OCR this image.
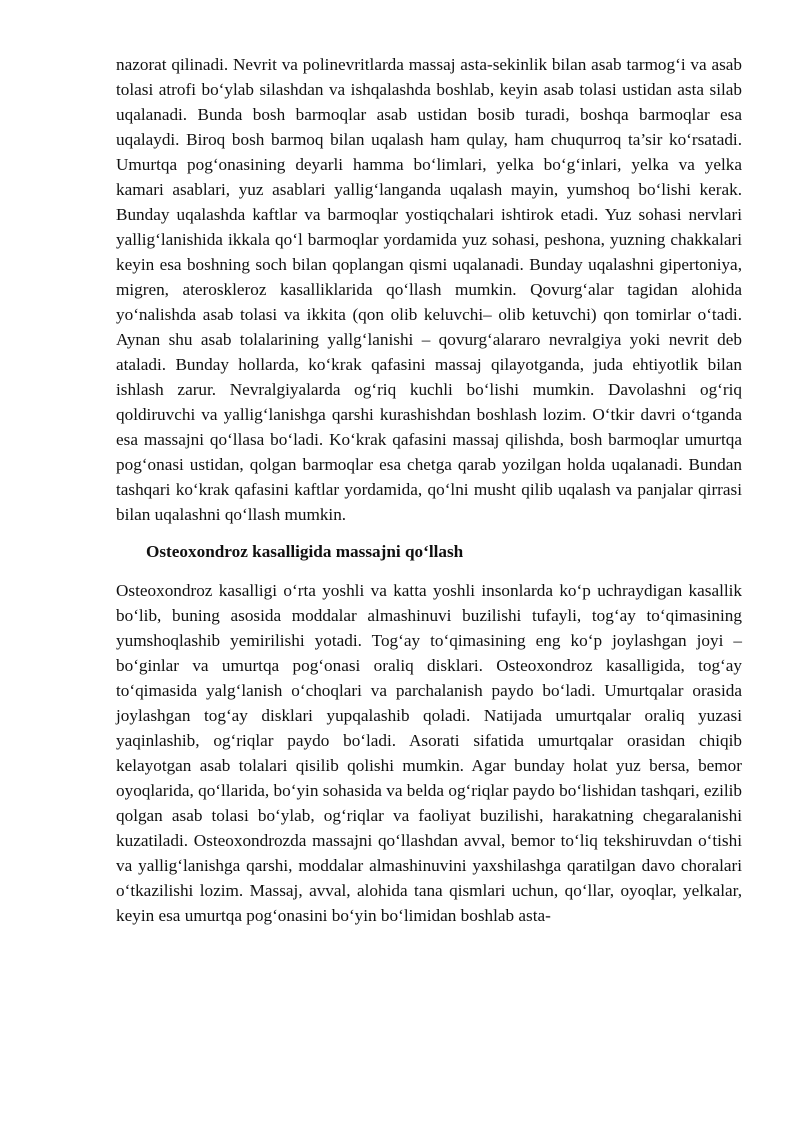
nazorat qilinadi. Nevrit va polinevritlarda massaj asta-sekinlik bilan asab tarmog‘i va asab tolasi atrofi bo‘ylab silashdan va ishqalashda boshlab, keyin asab tolasi ustidan asta silab uqalanadi. Bunda bosh barmoqlar asab ustidan bosib turadi, boshqa barmoqlar esa uqalaydi. Biroq bosh barmoq bilan uqalash ham qulay, ham chuqurroq ta’sir ko‘rsatadi. Umurtqa pog‘onasining deyarli hamma bo‘limlari, yelka bo‘g‘inlari, yelka va yelka kamari asablari, yuz asablari yallig‘langanda uqalash mayin, yumshoq bo‘lishi kerak. Bunday uqalashda kaftlar va barmoqlar yostiqchalari ishtirok etadi. Yuz sohasi nervlari yallig‘lanishida ikkala qo‘l barmoqlar yordamida yuz sohasi, peshona, yuzning chakkalari keyin esa boshning soch bilan qoplangan qismi uqalanadi. Bunday uqalashni gipertoniya, migren, ateroskleroz kasalliklarida qo‘llash mumkin. Qovurg‘alar tagidan alohida yo‘nalishda asab tolasi va ikkita (qon olib keluvchi– olib ketuvchi) qon tomirlar o‘tadi. Aynan shu asab tolalarining yallg‘lanishi – qovurg‘alararo nevralgiya yoki nevrit deb ataladi. Bunday hollarda, ko‘krak qafasini massaj qilayotganda, juda ehtiyotlik bilan ishlash zarur. Nevralgiyalarda og‘riq kuchli bo‘lishi mumkin. Davolashni og‘riq qoldiruvchi va yallig‘lanishga qarshi kurashishdan boshlash lozim. O‘tkir davri o‘tganda esa massajni qo‘llasa bo‘ladi. Ko‘krak qafasini massaj qilishda, bosh barmoqlar umurtqa pog‘onasi ustidan, qolgan barmoqlar esa chetga qarab yozilgan holda uqalanadi. Bundan tashqari ko‘krak qafasini kaftlar yordamida, qo‘lni musht qilib uqalash va panjalar qirrasi bilan uqalashni qo‘llash mumkin.

Osteoxondroz kasalligida massajni qo‘llash

Osteoxondroz kasalligi o‘rta yoshli va katta yoshli insonlarda ko‘p uchraydigan kasallik bo‘lib, buning asosida moddalar almashinuvi buzilishi tufayli, tog‘ay to‘qimasining yumshoqlashib yemirilishi yotadi. Tog‘ay to‘qimasining eng ko‘p joylashgan joyi – bo‘ginlar va umurtqa pog‘onasi oraliq disklari. Osteoxondroz kasalligida, tog‘ay to‘qimasida yalg‘lanish o‘choqlari va parchalanish paydo bo‘ladi. Umurtqalar orasida joylashgan tog‘ay disklari yupqalashib qoladi. Natijada umurtqalar oraliq yuzasi yaqinlashib, og‘riqlar paydo bo‘ladi. Asorati sifatida umurtqalar orasidan chiqib kelayotgan asab tolalari qisilib qolishi mumkin. Agar bunday holat yuz bersa, bemor oyoqlarida, qo‘llarida, bo‘yin sohasida va belda og‘riqlar paydo bo‘lishidan tashqari, ezilib qolgan asab tolasi bo‘ylab, og‘riqlar va faoliyat buzilishi, harakatning chegaralanishi kuzatiladi. Osteoxondrozda massajni qo‘llashdan avval, bemor to‘liq tekshiruvdan o‘tishi va yallig‘lanishga qarshi, moddalar almashinuvini yaxshilashga qaratilgan davo choralari o‘tkazilishi lozim. Massaj, avval, alohida tana qismlari uchun, qo‘llar, oyoqlar, yelkalar, keyin esa umurtqa pog‘onasini bo‘yin bo‘limidan boshlab asta-
